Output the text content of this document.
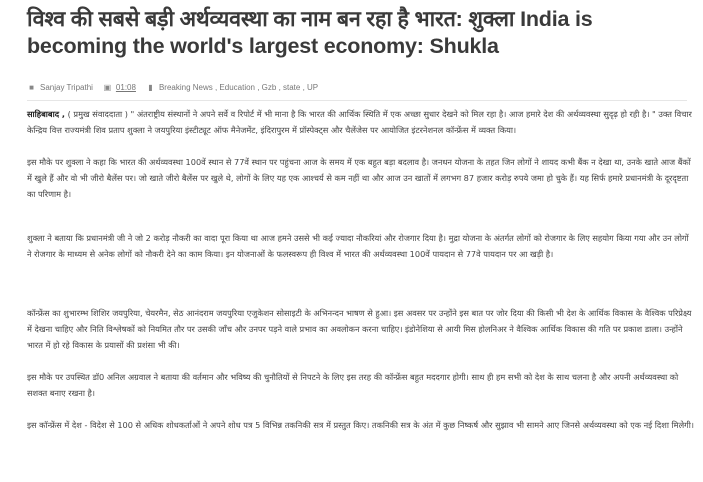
विश्व की सबसे बड़ी अर्थव्यवस्था का नाम बन रहा है भारत: शुक्ला India is becoming the world's largest economy: Shukla
■ Sanjay Tripathi ▣ 01:08 ▮ Breaking News , Education , Gzb , state , UP

साहिबाबाद , ( प्रमुख संवाददाता ) " अंतराष्ट्रीय संस्थानों ने अपने सर्वे व रिपोर्ट में भी माना है कि भारत की आर्थिक स्थिति में एक अच्छा सुधार देखने को मिल रहा है। आज हमारे देश की अर्थव्यवस्था सुदृढ़ हो रही है। " उक्त विचार केन्द्रिय वित्त राज्यमंत्री शिव प्रताप शुक्ला ने जयपुरिया इंस्टीट्यूट ऑफ मैनेजमेंट, इंदिरापुरम में प्रॉस्पेक्ट्स और चैलेंजेस पर आयोजित इंटरनेशनल कॉन्फ्रेंस में व्यक्त किया।

इस मौके पर शुक्ला ने कहा कि भारत की अर्थव्यवस्था 100वें स्थान से 77वें स्थान पर पहुंचना आज के समय में एक बहुत बड़ा बदलाव है। जनधन योजना के तहत जिन लोगों ने शायद कभी बैंक न देखा था, उनके खाते आज बैंकों में खुले हैं और वो भी जीरो बैलेंस पर। जो खाते जीरो बैलेंस पर खुले थे, लोगों के लिए यह एक आश्चर्य से कम नहीं था और आज उन खातों में लगभग 87 हजार करोड़ रुपये जमा हो चुके हैं। यह सिर्फ हमारे प्रधानमंत्री के दूरदृष्टता का परिणाम है।

शुक्ला ने बताया कि प्रधानमंत्री जी ने जो 2 करोड़ नौकरी का वादा पूरा किया था आज हमने उससे भी कई ज्यादा नौकरियां और रोजगार दिया है। मुद्रा योजना के अंतर्गत लोगों को रोजगार के लिए सहयोग किया गया और उन लोगों ने रोजगार के माध्यम से अनेक लोगों को नौकरी देने का काम किया। इन योजनाओं के फलस्वरूप ही विश्व में भारत की अर्थव्यवस्था 100वें पायदान से 77वे पायदान पर आ खड़ी है।

कॉन्फ्रेंस का शुभारम्भ शिशिर जयपुरिया, चेयरमैन, सेठ आनंदराम जयपुरिया एजुकेशन सोसाइटी के अभिनन्दन भाषण से हुआ। इस अवसर पर उन्होंने इस बात पर जोर दिया की किसी भी देश के आर्थिक विकास के वैश्विक परिप्रेक्ष्य में देखना चाहिए और निति विश्लेषकों को नियमित तौर पर उसकी जाँच और उनपर पड़ने वाले प्रभाव का अवलोकन करना चाहिए। इंडोनेशिया से आयी मिस होलनिअर ने वैश्विक आर्थिक विकास की गति पर प्रकाश डाला। उन्होंने भारत में हो रहे विकास के प्रयासों की प्रशंसा भी की।

इस मौके पर उपस्थित डॉ0 अनिल अग्रवाल ने बताया की वर्तमान और भविष्य की चुनौतियों से निपटने के लिए इस तरह की कॉन्फ्रेंस बहुत मददगार होगी। साथ ही हम सभी को देश के साथ चलना है और अपनी अर्थव्यवस्था को सशक्त बनाए रखना है।

इस कॉन्फ्रेंस में देश - विदेश से 100 से अधिक शोधकर्ताओं ने अपने शोध पत्र 5 विभिन्न तकनिकी सत्र में प्रस्तुत किए। तकनिकी सत्र के अंत में कुछ निष्कर्ष और सुझाव भी सामने आए जिनसे अर्थव्यवस्था को एक नई दिशा मिलेगी।
